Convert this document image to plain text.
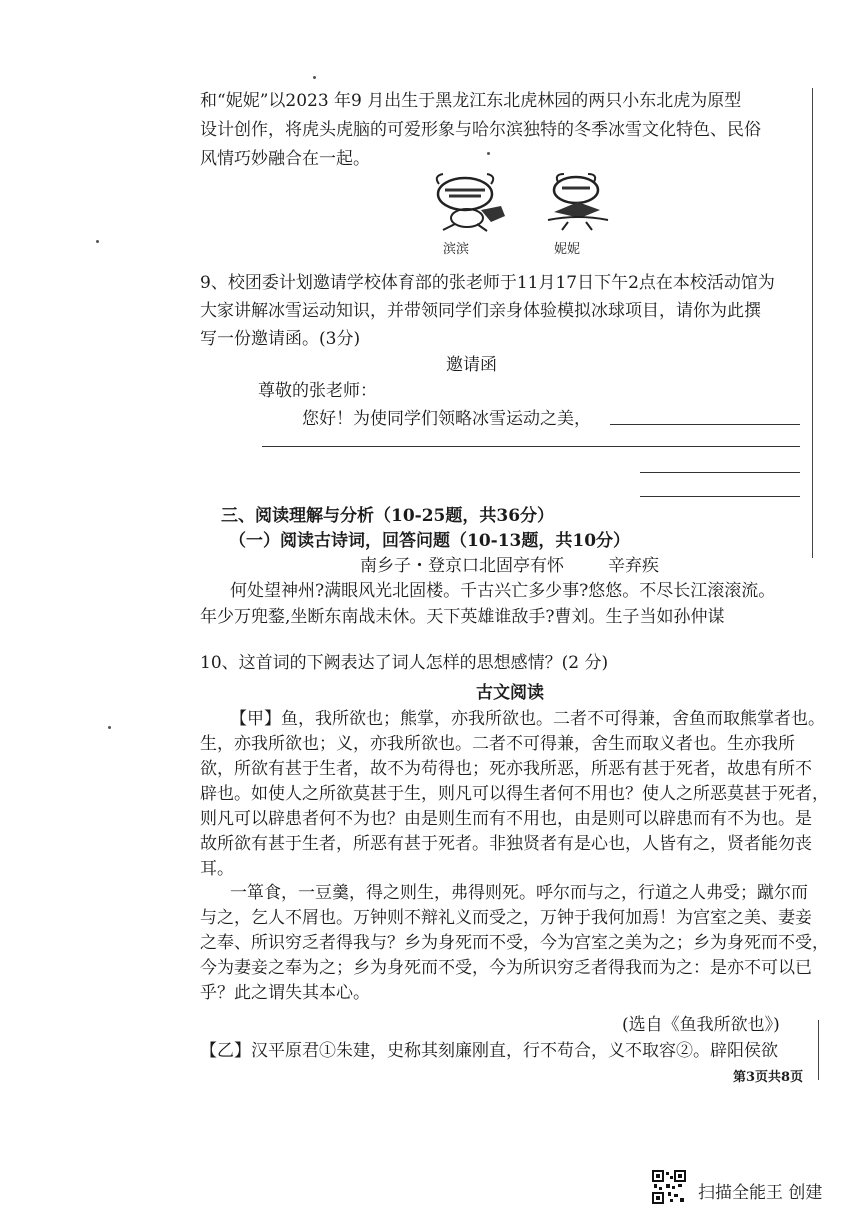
和“妮妮”以2023 年9 月出生于黑龙江东北虎林园的两只小东北虎为原型
设计创作，将虎头虎脑的可爱形象与哈尔滨独特的冬季冰雪文化特色、民俗
风情巧妙融合在一起。
滨滨	妮妮
9、校团委计划邀请学校体育部的张老师于11月17日下午2点在本校活动馆为
大家讲解冰雪运动知识，并带领同学们亲身体验模拟冰球项目，请你为此撰
写一份邀请函。(3分)
邀请函
尊敬的张老师：
您好！为使同学们领略冰雪运动之美，
三、阅读理解与分析（10-25题，共36分）
（一）阅读古诗词，回答问题（10-13题，共10分）
南乡子・登京口北固亭有怀	辛弃疾
何处望神州?满眼风光北固楼。千古兴亡多少事?悠悠。不尽长江滚滚流。
年少万兜鍪,坐断东南战未休。天下英雄谁敌手?曹刘。生子当如孙仲谋
10、这首词的下阙表达了词人怎样的思想感情？(2 分)
古文阅读
【甲】鱼，我所欲也；熊掌，亦我所欲也。二者不可得兼，舍鱼而取熊掌者也。
生，亦我所欲也；义，亦我所欲也。二者不可得兼，舍生而取义者也。生亦我所
欲，所欲有甚于生者，故不为苟得也；死亦我所恶，所恶有甚于死者，故患有所不
辟也。如使人之所欲莫甚于生，则凡可以得生者何不用也？使人之所恶莫甚于死者，
则凡可以辟患者何不为也？由是则生而有不用也，由是则可以辟患而有不为也。是
故所欲有甚于生者，所恶有甚于死者。非独贤者有是心也，人皆有之，贤者能勿丧
耳。
一箪食，一豆羹，得之则生，弗得则死。呼尔而与之，行道之人弗受；蹴尔而
与之，乞人不屑也。万钟则不辩礼义而受之，万钟于我何加焉！为宫室之美、妻妾
之奉、所识穷乏者得我与？乡为身死而不受，今为宫室之美为之；乡为身死而不受，
今为妻妾之奉为之；乡为身死而不受，今为所识穷乏者得我而为之：是亦不可以已
乎？此之谓失其本心。
(选自《鱼我所欲也》)
【乙】汉平原君①朱建，史称其刻廉刚直，行不苟合，义不取容②。辟阳侯欲
第3页共8页
扫描全能王 创建
